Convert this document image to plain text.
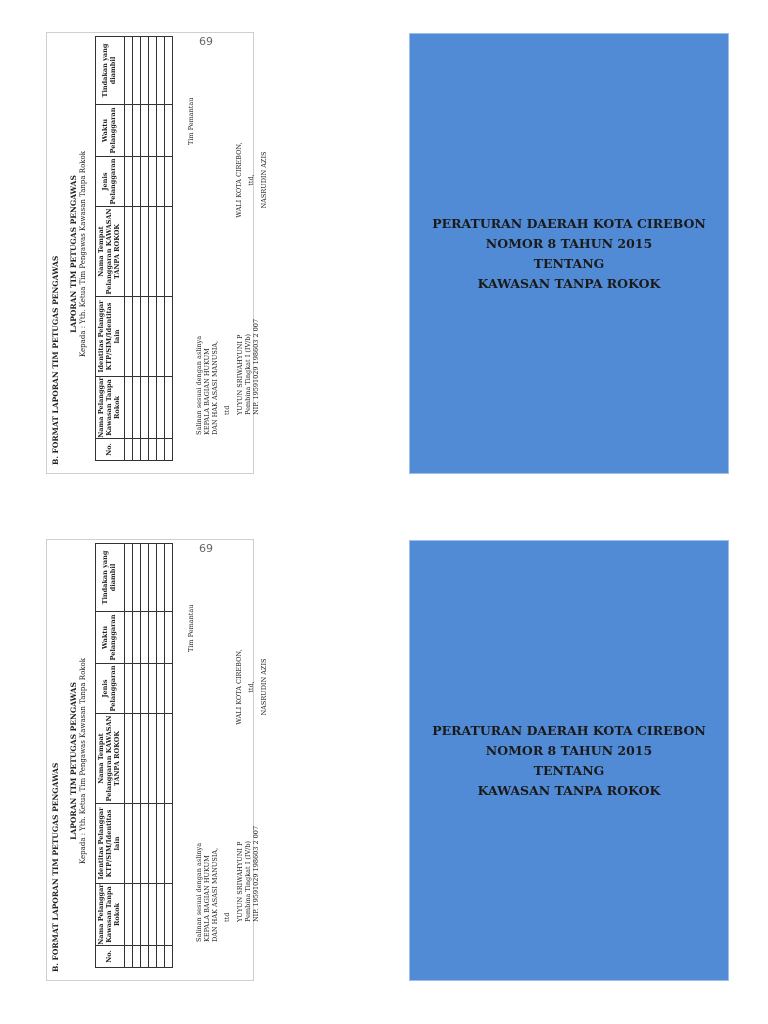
69
B. FORMAT LAPORAN TIM PETUGAS PENGAWAS
LAPORAN TIM PETUGAS PENGAWAS Kepada : Yth. Ketua Tim Pengawas Kawasan Tanpa Rokok
No.	Nama Pelanggar Kawasan Tanpa Rokok	Identitas Pelanggar KTP/SIM/Identitas lain	Nama Tempat Pelanggaran KAWASAN TANPA ROKOK	Jenis Pelanggaran	Waktu Pelanggaran	Tindakan yang diambil

Tim Pemantau
Salinan sesuai dengan aslinya KEPALA BAGIAN HUKUM DAN HAK ASASI MANUSIA, ttd YUYUN SRIWAHYUNI P Pembina Tingkat I (IV/b) NIP. 19591029 198603 2 007
WALI KOTA CIREBON, ttd, NASRUDIN AZIS
PERATURAN DAERAH KOTA CIREBON
NOMOR 8 TAHUN 2015
TENTANG
KAWASAN TANPA ROKOK
69
B. FORMAT LAPORAN TIM PETUGAS PENGAWAS
LAPORAN TIM PETUGAS PENGAWAS Kepada : Yth. Ketua Tim Pengawas Kawasan Tanpa Rokok
No.	Nama Pelanggar Kawasan Tanpa Rokok	Identitas Pelanggar KTP/SIM/Identitas lain	Nama Tempat Pelanggaran KAWASAN TANPA ROKOK	Jenis Pelanggaran	Waktu Pelanggaran	Tindakan yang diambil

Tim Pemantau
Salinan sesuai dengan aslinya KEPALA BAGIAN HUKUM DAN HAK ASASI MANUSIA, ttd YUYUN SRIWAHYUNI P Pembina Tingkat I (IV/b) NIP. 19591029 198603 2 007
WALI KOTA CIREBON, ttd, NASRUDIN AZIS
PERATURAN DAERAH KOTA CIREBON
NOMOR 8 TAHUN 2015
TENTANG
KAWASAN TANPA ROKOK
